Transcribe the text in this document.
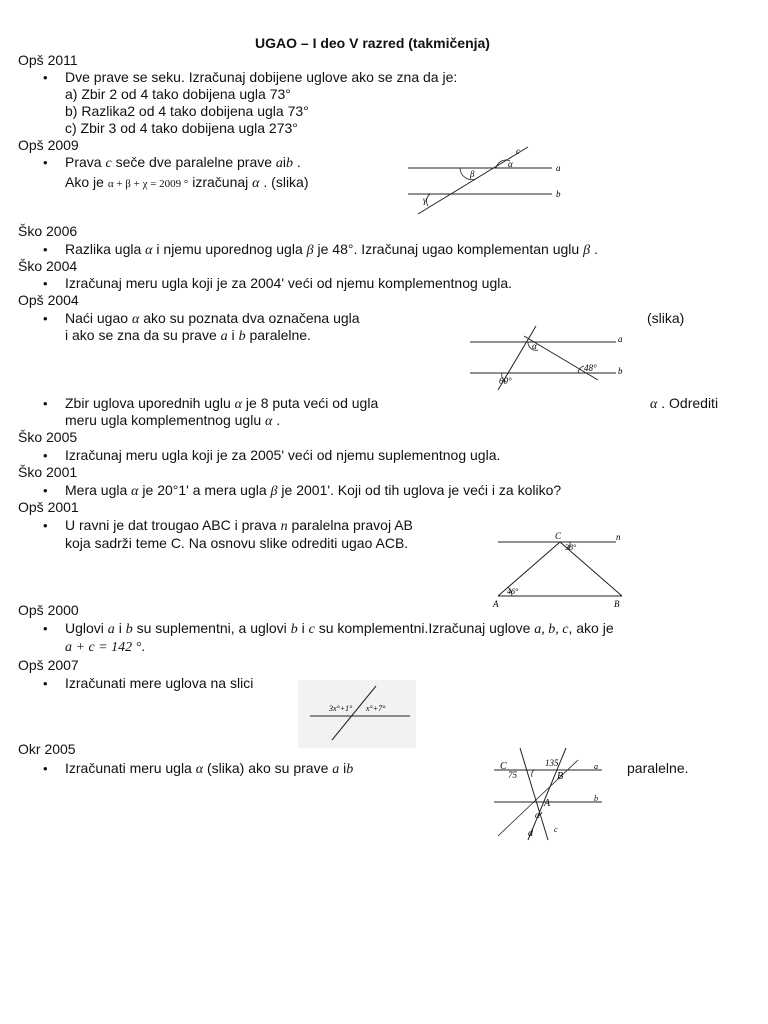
UGAO – I deo V razred (takmičenja)
Opš 2011
• Dve prave se seku. Izračunaj dobijene uglove ako se zna da je:
a) Zbir 2 od 4 tako dobijena ugla 73°
b) Razlika2 od 4 tako dobijena ugla 73°
c) Zbir 3 od 4 tako dobijena ugla 273°
Opš 2009
• Prava c seče dve paralelne prave aib .
Ako je α + β + χ = 2009 ° izračunaj α . (slika)
c
a
b
α
β
γ
Ško 2006
• Razlika ugla α i njemu uporednog ugla β je 48°. Izračunaj ugao komplementan uglu β .
Ško 2004
• Izračunaj meru ugla koji je za 2004' veći od njemu komplementnog ugla.
Opš 2004
• Naći ugao α ako su poznata dva označena ugla	(slika)
i ako se zna da su prave a i b paralelne.	a
b
60°
48°
α
• Zbir uglova uporednih uglu α je 8 puta veći od ugla	α . Odrediti
meru ugla komplementnog uglu α .
Ško 2005
• Izračunaj meru ugla koji je za 2005' veći od njemu suplementnog ugla.
Ško 2001
• Mera ugla α je 20°1' a mera ugla β je 2001'. Koji od tih uglova je veći i za koliko?
Opš 2001
• U ravni je dat trougao ABC i prava n paralelna pravoj AB
koja sadrži teme C. Na osnovu slike odrediti ugao ACB.	C	n
A	B
46°
38°
Opš 2000
• Uglovi a i b su suplementni, a uglovi b i c su komplementni.Izračunaj uglove a, b, c, ako je
a + c = 142 °.
Opš 2007
• Izračunati mere uglova na slici
3x°+1° x°+7°
Okr 2005
• Izračunati meru ugla α (slika) ako su prave a ib	paralelne.
C
B
A
a
b
c
d
135
75
α
